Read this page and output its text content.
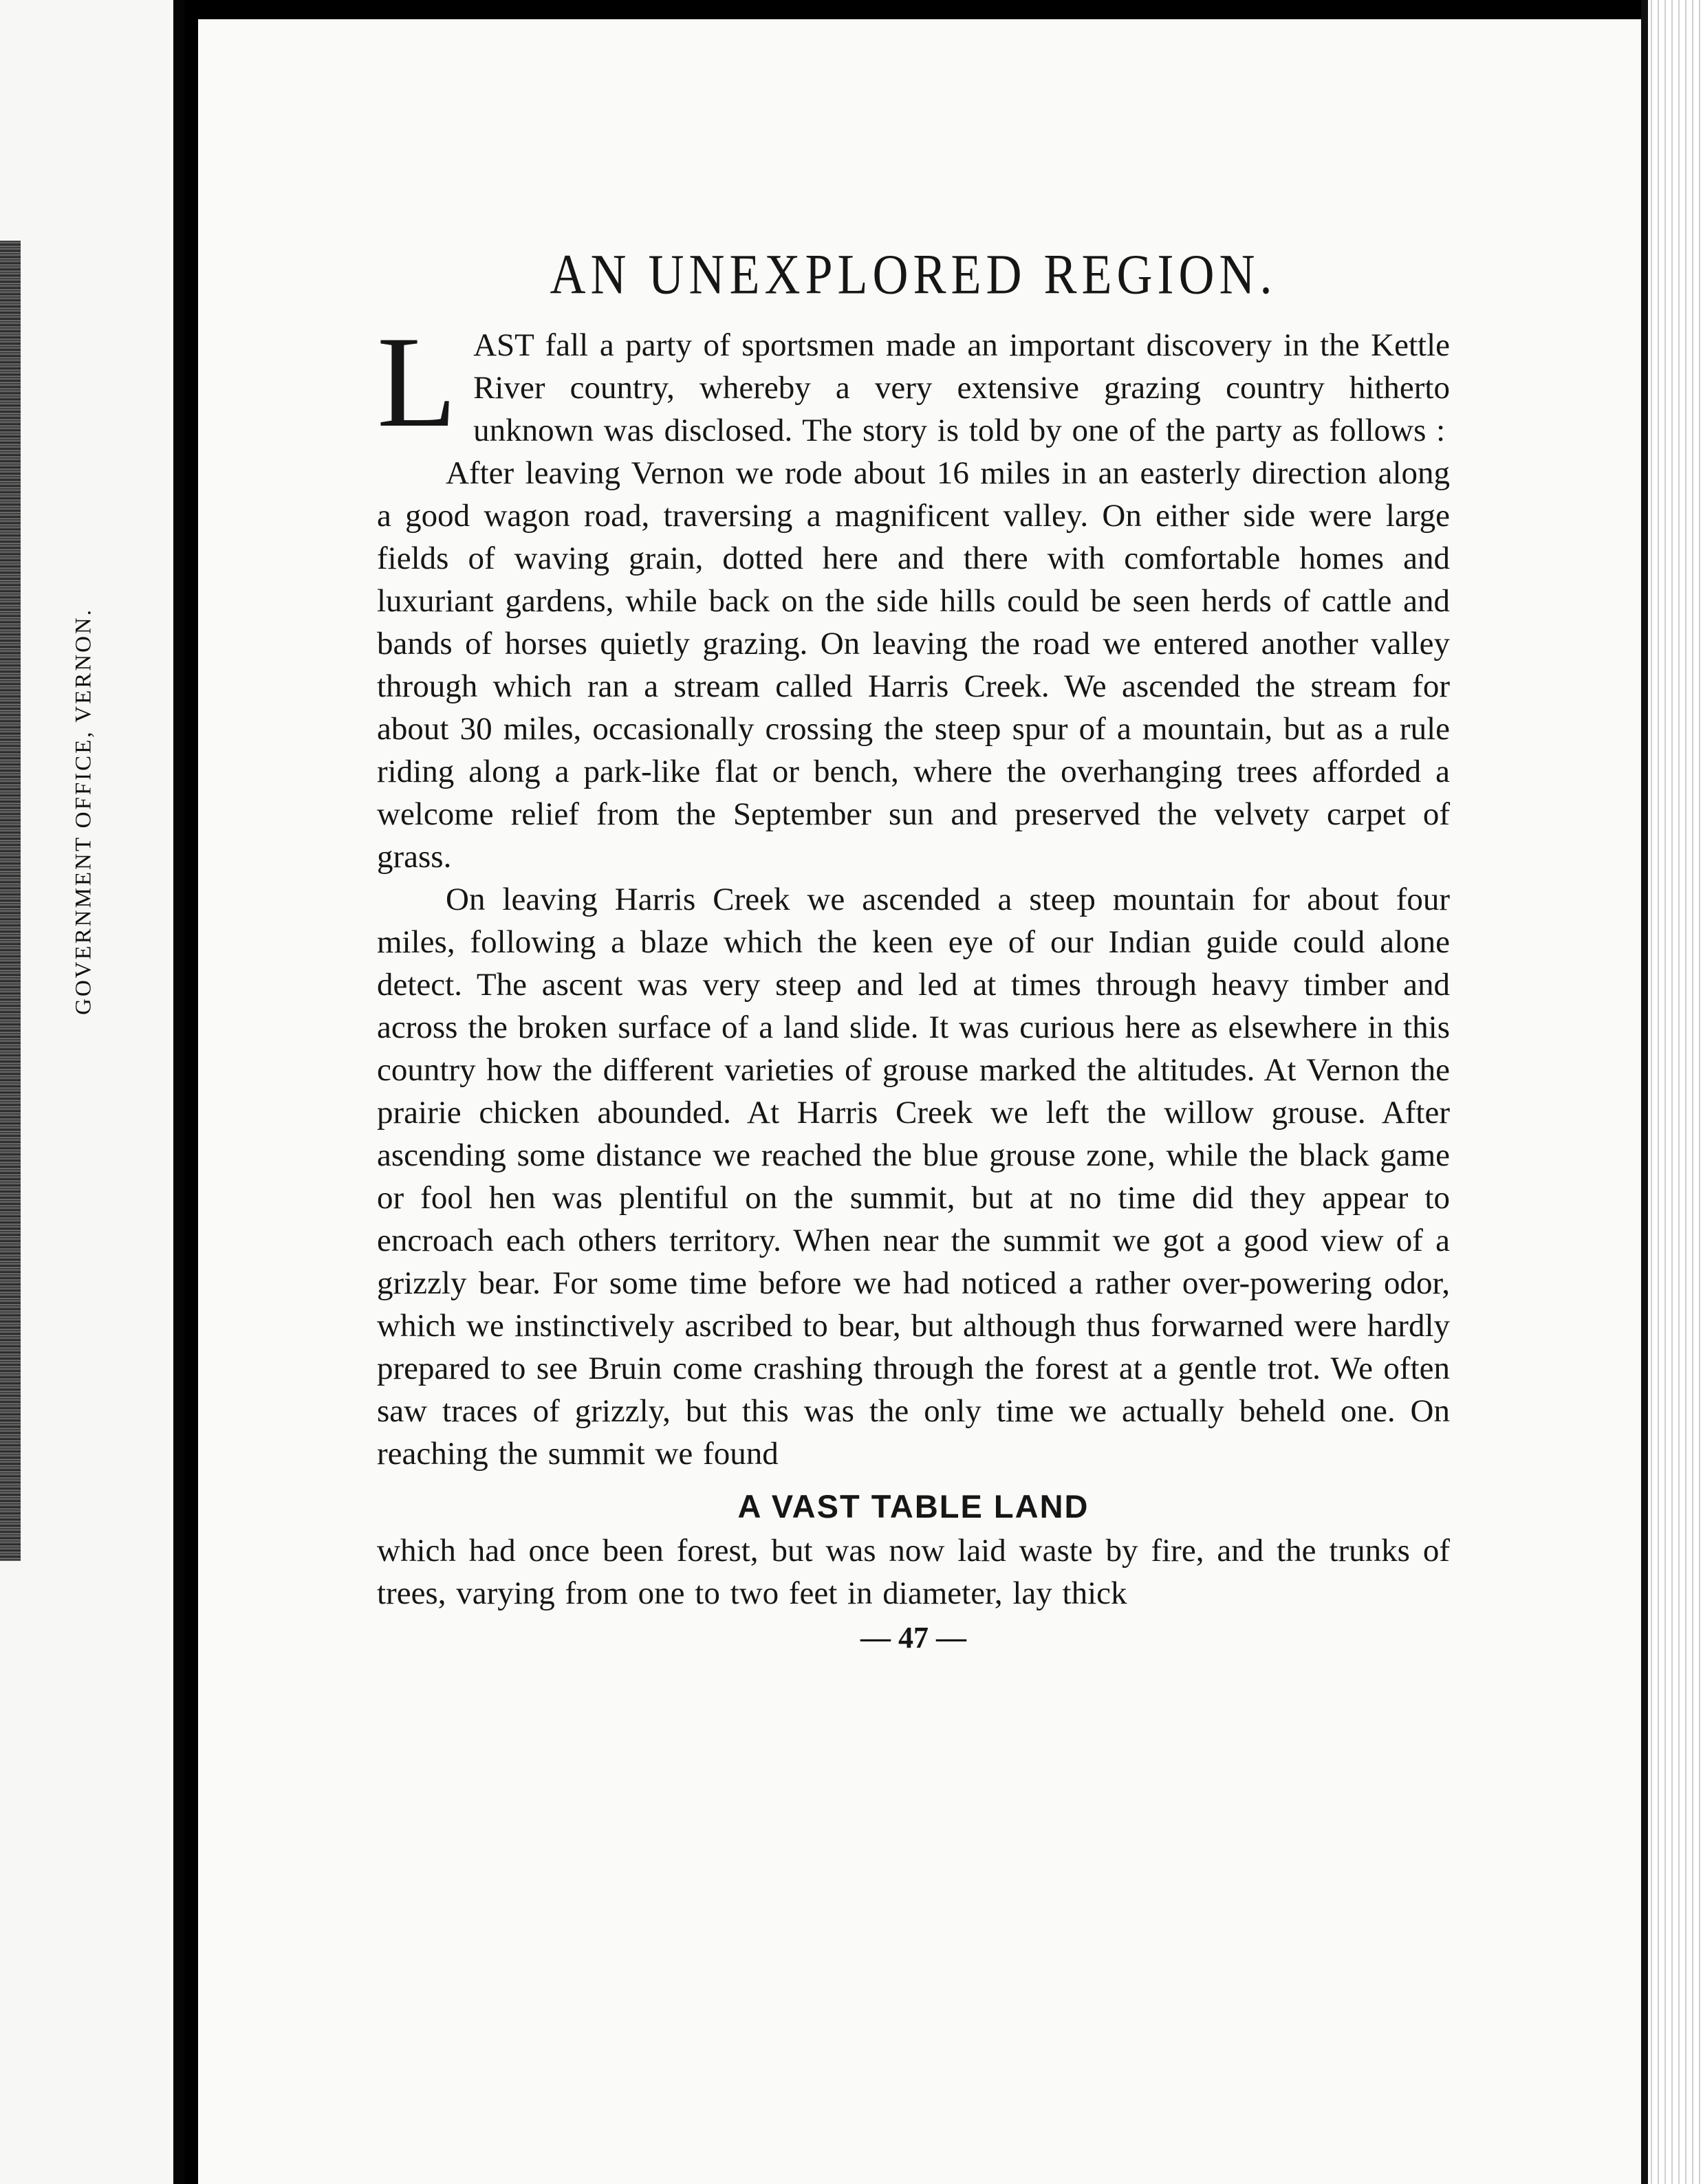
GOVERNMENT OFFICE, VERNON.
AN UNEXPLORED REGION.

LAST fall a party of sportsmen made an important discovery in the Kettle River country, whereby a very extensive grazing country hitherto unknown was disclosed. The story is told by one of the party as follows :

After leaving Vernon we rode about 16 miles in an easterly direction along a good wagon road, traversing a magnificent valley. On either side were large fields of waving grain, dotted here and there with comfortable homes and luxuriant gardens, while back on the side hills could be seen herds of cattle and bands of horses quietly grazing. On leaving the road we entered another valley through which ran a stream called Harris Creek. We ascended the stream for about 30 miles, occasionally crossing the steep spur of a mountain, but as a rule riding along a park-like flat or bench, where the overhanging trees afforded a welcome relief from the September sun and preserved the velvety carpet of grass.

On leaving Harris Creek we ascended a steep mountain for about four miles, following a blaze which the keen eye of our Indian guide could alone detect. The ascent was very steep and led at times through heavy timber and across the broken surface of a land slide. It was curious here as elsewhere in this country how the different varieties of grouse marked the altitudes. At Vernon the prairie chicken abounded. At Harris Creek we left the willow grouse. After ascending some distance we reached the blue grouse zone, while the black game or fool hen was plentiful on the summit, but at no time did they appear to encroach each others territory. When near the summit we got a good view of a grizzly bear. For some time before we had noticed a rather over-powering odor, which we instinctively ascribed to bear, but although thus forwarned were hardly prepared to see Bruin come crashing through the forest at a gentle trot. We often saw traces of grizzly, but this was the only time we actually beheld one. On reaching the summit we found

A VAST TABLE LAND

which had once been forest, but was now laid waste by fire, and the trunks of trees, varying from one to two feet in diameter, lay thick

— 47 —
